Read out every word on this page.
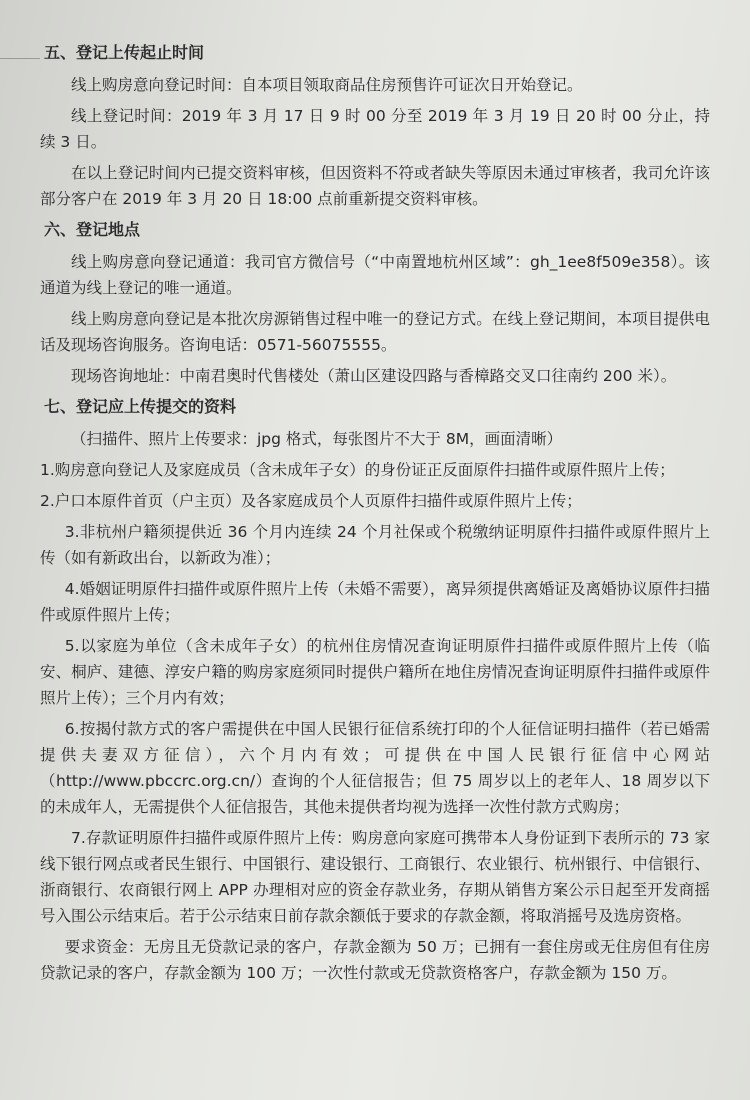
五、登记上传起止时间

线上购房意向登记时间：自本项目领取商品住房预售许可证次日开始登记。

线上登记时间：2019 年 3 月 17 日 9 时 00 分至 2019 年 3 月 19 日 20 时 00 分止，持续 3 日。

在以上登记时间内已提交资料审核，但因资料不符或者缺失等原因未通过审核者，我司允许该部分客户在 2019 年 3 月 20 日 18:00 点前重新提交资料审核。

六、登记地点

线上购房意向登记通道：我司官方微信号（“中南置地杭州区域”：gh_1ee8f509e358）。该通道为线上登记的唯一通道。

线上购房意向登记是本批次房源销售过程中唯一的登记方式。在线上登记期间，本项目提供电话及现场咨询服务。咨询电话：0571-56075555。

现场咨询地址：中南君奥时代售楼处（萧山区建设四路与香樟路交叉口往南约 200 米）。

七、登记应上传提交的资料

（扫描件、照片上传要求：jpg 格式，每张图片不大于 8M，画面清晰）

1.购房意向登记人及家庭成员（含未成年子女）的身份证正反面原件扫描件或原件照片上传；

2.户口本原件首页（户主页）及各家庭成员个人页原件扫描件或原件照片上传；

3.非杭州户籍须提供近 36 个月内连续 24 个月社保或个税缴纳证明原件扫描件或原件照片上传（如有新政出台，以新政为准）；

4.婚姻证明原件扫描件或原件照片上传（未婚不需要），离异须提供离婚证及离婚协议原件扫描件或原件照片上传；

5.以家庭为单位（含未成年子女）的杭州住房情况查询证明原件扫描件或原件照片上传（临安、桐庐、建德、淳安户籍的购房家庭须同时提供户籍所在地住房情况查询证明原件扫描件或原件照片上传）；三个月内有效；

6.按揭付款方式的客户需提供在中国人民银行征信系统打印的个人征信证明扫描件（若已婚需提供夫妻双方征信），六个月内有效；可提供在中国人民银行征信中心网站（http://www.pbccrc.org.cn/）查询的个人征信报告；但 75 周岁以上的老年人、18 周岁以下的未成年人，无需提供个人征信报告，其他未提供者均视为选择一次性付款方式购房；

7.存款证明原件扫描件或原件照片上传：购房意向家庭可携带本人身份证到下表所示的 73 家线下银行网点或者民生银行、中国银行、建设银行、工商银行、农业银行、杭州银行、中信银行、浙商银行、农商银行网上 APP 办理相对应的资金存款业务，存期从销售方案公示日起至开发商摇号入围公示结束后。若于公示结束日前存款余额低于要求的存款金额，将取消摇号及选房资格。

要求资金：无房且无贷款记录的客户，存款金额为 50 万；已拥有一套住房或无住房但有住房贷款记录的客户，存款金额为 100 万；一次性付款或无贷款资格客户，存款金额为 150 万。
